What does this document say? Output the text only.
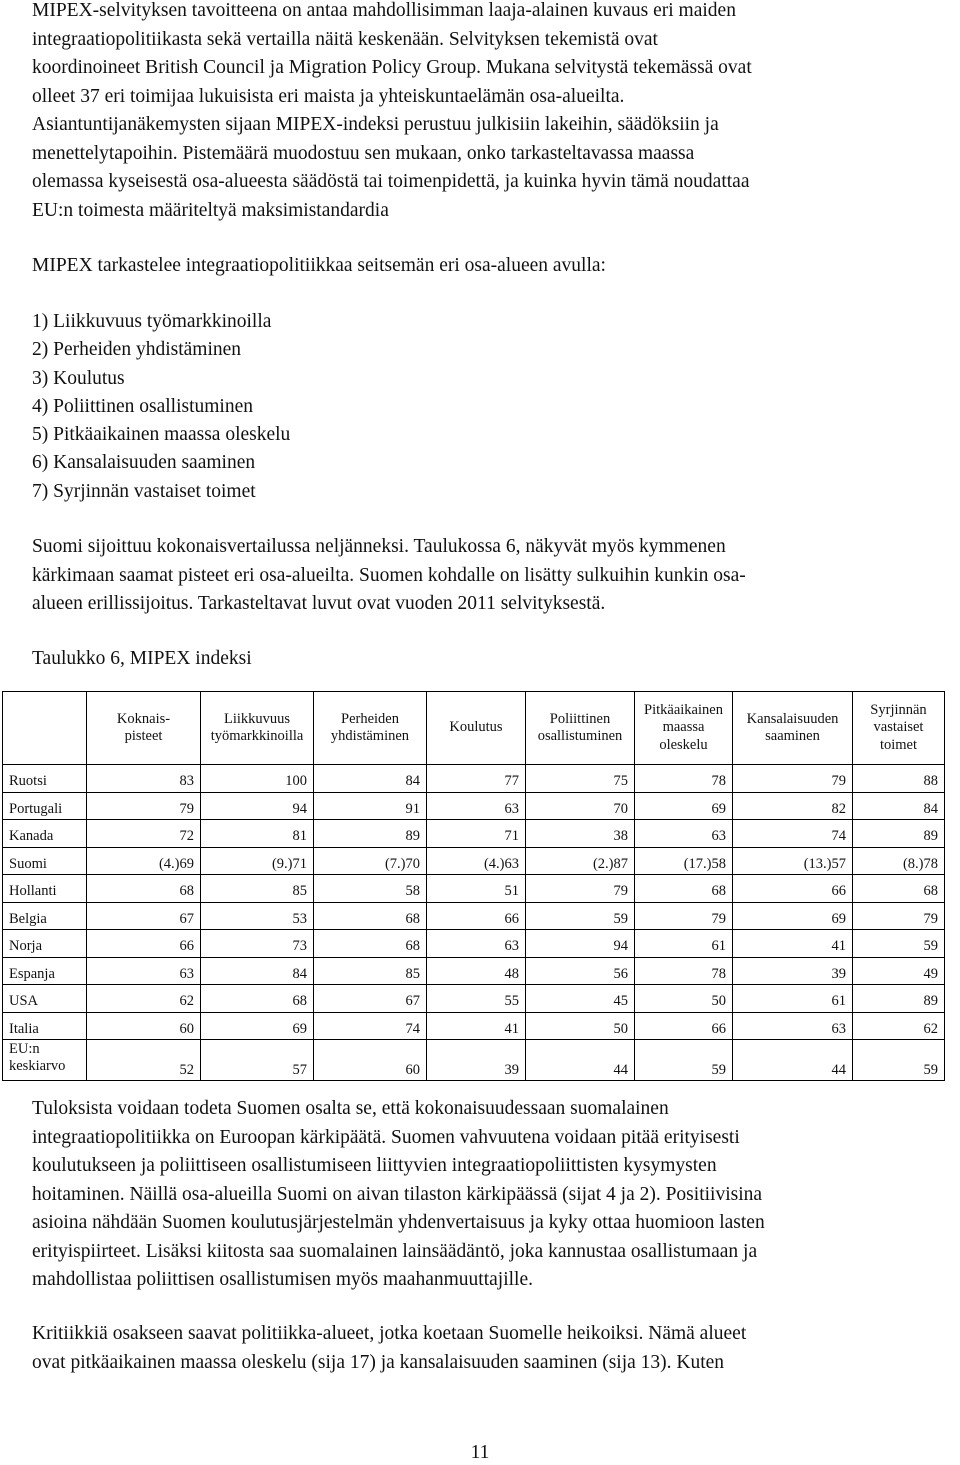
MIPEX-selvityksen tavoitteena on antaa mahdollisimman laaja-alainen kuvaus eri maiden

integraatiopolitiikasta sekä vertailla näitä keskenään. Selvityksen tekemistä ovat

koordinoineet British Council ja Migration Policy Group. Mukana selvitystä tekemässä ovat

olleet 37 eri toimijaa lukuisista eri maista ja yhteiskuntaelämän osa-alueilta.

Asiantuntijanäkemysten sijaan MIPEX-indeksi perustuu julkisiin lakeihin, säädöksiin ja

menettelytapoihin. Pistemäärä muodostuu sen mukaan, onko tarkasteltavassa maassa

olemassa kyseisestä osa-alueesta säädöstä tai toimenpidettä, ja kuinka hyvin tämä noudattaa

EU:n toimesta määriteltyä maksimistandardia

MIPEX tarkastelee integraatiopolitiikkaa seitsemän eri osa-alueen avulla:

1) Liikkuvuus työmarkkinoilla
2) Perheiden yhdistäminen
3) Koulutus
4) Poliittinen osallistuminen
5) Pitkäaikainen maassa oleskelu
6) Kansalaisuuden saaminen
7) Syrjinnän vastaiset toimet

Suomi sijoittuu kokonaisvertailussa neljänneksi. Taulukossa 6, näkyvät myös kymmenen

kärkimaan saamat pisteet eri osa-alueilta. Suomen kohdalle on lisätty sulkuihin kunkin osa-

alueen erillissijoitus. Tarkasteltavat luvut ovat vuoden 2011 selvityksestä.

Taulukko 6, MIPEX indeksi

Tuloksista voidaan todeta Suomen osalta se, että kokonaisuudessaan suomalainen

integraatiopolitiikka on Euroopan kärkipäätä. Suomen vahvuutena voidaan pitää erityisesti

koulutukseen ja poliittiseen osallistumiseen liittyvien integraatiopoliittisten kysymysten

hoitaminen. Näillä osa-alueilla Suomi on aivan tilaston kärkipäässä (sijat 4 ja 2). Positiivisina

asioina nähdään Suomen koulutusjärjestelmän yhdenvertaisuus ja kyky ottaa huomioon lasten

erityispiirteet. Lisäksi kiitosta saa suomalainen lainsäädäntö, joka kannustaa osallistumaan ja

mahdollistaa poliittisen osallistumisen myös maahanmuuttajille.

Kritiikkiä osakseen saavat politiikka-alueet, jotka koetaan Suomelle heikoiksi. Nämä alueet

ovat pitkäaikainen maassa oleskelu (sija 17) ja kansalaisuuden saaminen (sija 13). Kuten

	Koknais-
pisteet	Liikkuvuus
työmarkkinoilla	Perheiden
yhdistäminen	Koulutus	Poliittinen
osallistuminen	Pitkäaikainen
maassa
oleskelu	Kansalaisuuden
saaminen	Syrjinnän
vastaiset
toimet
Ruotsi	83	100	84	77	75	78	79	88
Portugali	79	94	91	63	70	69	82	84
Kanada	72	81	89	71	38	63	74	89
Suomi	(4.)69	(9.)71	(7.)70	(4.)63	(2.)87	(17.)58	(13.)57	(8.)78
Hollanti	68	85	58	51	79	68	66	68
Belgia	67	53	68	66	59	79	69	79
Norja	66	73	68	63	94	61	41	59
Espanja	63	84	85	48	56	78	39	49
USA	62	68	67	55	45	50	61	89
Italia	60	69	74	41	50	66	63	62
EU:n
keskiarvo	52	57	60	39	44	59	44	59
11
